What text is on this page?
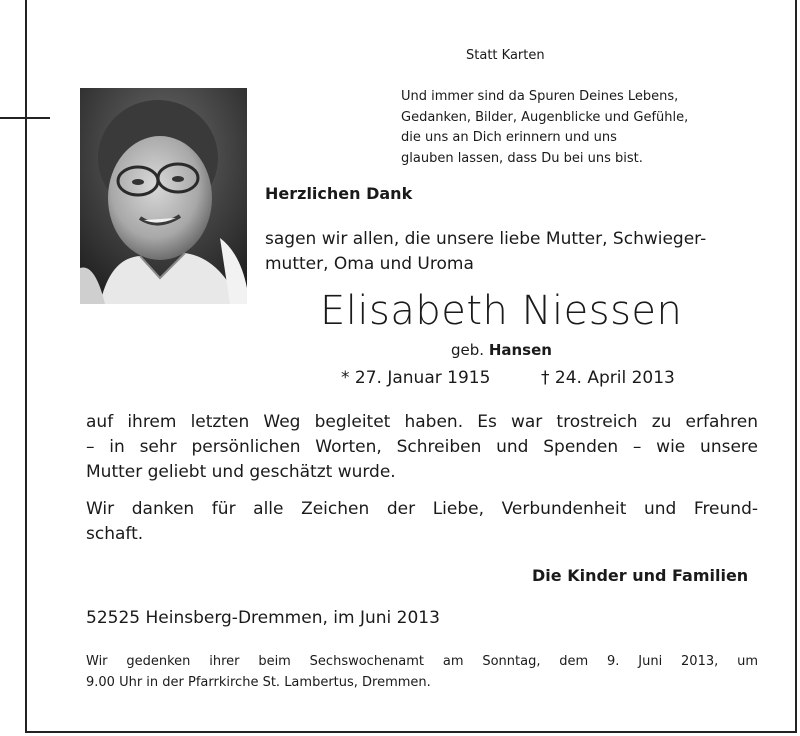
Statt Karten
Und immer sind da Spuren Deines Lebens,
Gedanken, Bilder, Augenblicke und Gefühle,
die uns an Dich erinnern und uns
glauben lassen, dass Du bei uns bist.
Herzlichen Dank
sagen wir allen, die unsere liebe Mutter, Schwieger-
mutter, Oma und Uroma
Elisabeth Niessen
geb. Hansen
* 27. Januar 1915	† 24. April 2013
auf ihrem letzten Weg begleitet haben. Es war trostreich zu erfahren
– in sehr persönlichen Worten, Schreiben und Spenden – wie unsere
Mutter geliebt und geschätzt wurde.
Wir danken für alle Zeichen der Liebe, Verbundenheit und Freund-
schaft.
Die Kinder und Familien
52525 Heinsberg-Dremmen, im Juni 2013
Wir gedenken ihrer beim Sechswochenamt am Sonntag, dem 9. Juni 2013, um
9.00 Uhr in der Pfarrkirche St. Lambertus, Dremmen.
